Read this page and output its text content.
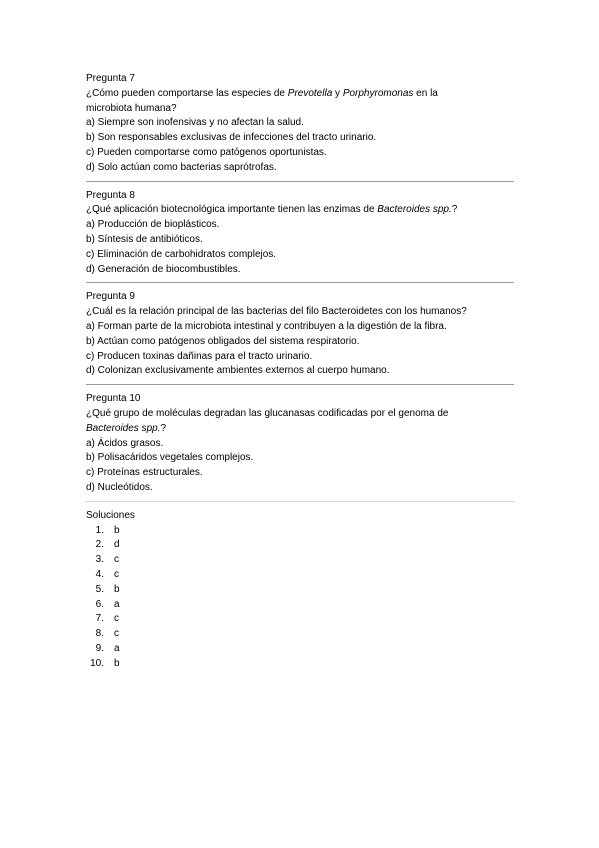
Pregunta 7
¿Cómo pueden comportarse las especies de Prevotella y Porphyromonas en la microbiota humana?
a) Siempre son inofensivas y no afectan la salud.
b) Son responsables exclusivas de infecciones del tracto urinario.
c) Pueden comportarse como patógenos oportunistas.
d) Solo actúan como bacterias saprótrofas.
Pregunta 8
¿Qué aplicación biotecnológica importante tienen las enzimas de Bacteroides spp.?
a) Producción de bioplásticos.
b) Síntesis de antibióticos.
c) Eliminación de carbohidratos complejos.
d) Generación de biocombustibles.
Pregunta 9
¿Cuál es la relación principal de las bacterias del filo Bacteroidetes con los humanos?
a) Forman parte de la microbiota intestinal y contribuyen a la digestión de la fibra.
b) Actúan como patógenos obligados del sistema respiratorio.
c) Producen toxinas dañinas para el tracto urinario.
d) Colonizan exclusivamente ambientes externos al cuerpo humano.
Pregunta 10
¿Qué grupo de moléculas degradan las glucanasas codificadas por el genoma de Bacteroides spp.?
a) Ácidos grasos.
b) Polisacáridos vegetales complejos.
c) Proteínas estructurales.
d) Nucleótidos.
Soluciones
1.	b
2.	d
3.	c
4.	c
5.	b
6.	a
7.	c
8.	c
9.	a
10.	b
